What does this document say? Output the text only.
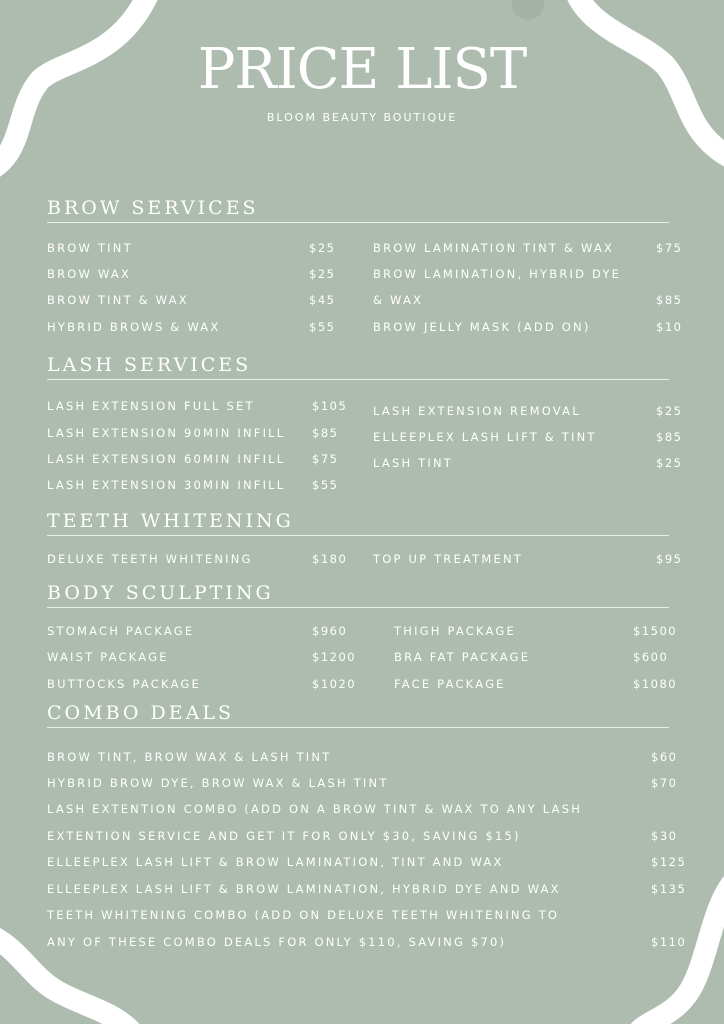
PRICE LIST
BLOOM BEAUTY BOUTIQUE
BROW SERVICES
BROW TINT	$25
BROW WAX	$25
BROW TINT & WAX	$45
HYBRID BROWS & WAX	$55
BROW LAMINATION TINT & WAX	$75
BROW LAMINATION, HYBRID DYE
& WAX	$85
BROW JELLY MASK (ADD ON)	$10
LASH SERVICES
LASH EXTENSION FULL SET	$105
LASH EXTENSION 90MIN INFILL $85
LASH EXTENSION 60MIN INFILL $75
LASH EXTENSION 30MIN INFILL $55
LASH EXTENSION REMOVAL	$25
ELLEEPLEX LASH LIFT & TINT	$85
LASH TINT	$25
TEETH WHITENING
DELUXE TEETH WHITENING	$180 TOP UP TREATMENT	$95
BODY SCULPTING
STOMACH PACKAGE	$960
WAIST PACKAGE	$1200
BUTTOCKS PACKAGE	$1020
THIGH PACKAGE	$1500
BRA FAT PACKAGE	$600
FACE PACKAGE	$1080
COMBO DEALS
BROW TINT, BROW WAX & LASH TINT	$60
HYBRID BROW DYE, BROW WAX & LASH TINT	$70
LASH EXTENTION COMBO (ADD ON A BROW TINT & WAX TO ANY LASH
EXTENTION SERVICE AND GET IT FOR ONLY $30, SAVING $15)	$30
ELLEEPLEX LASH LIFT & BROW LAMINATION, TINT AND WAX	$125
ELLEEPLEX LASH LIFT & BROW LAMINATION, HYBRID DYE AND WAX	$135
TEETH WHITENING COMBO (ADD ON DELUXE TEETH WHITENING TO
ANY OF THESE COMBO DEALS FOR ONLY $110, SAVING $70)	$110
